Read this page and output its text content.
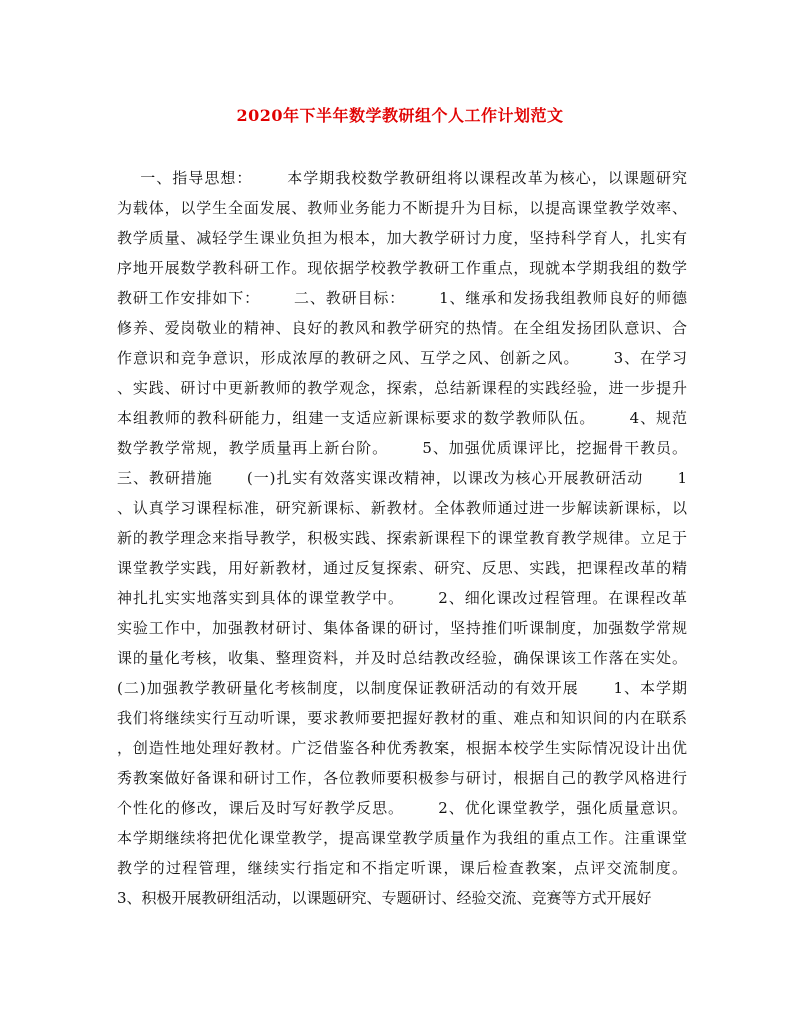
2020年下半年数学教研组个人工作计划范文
一、指导思想：      本学期我校数学教研组将以课程改革为核心，以课题研究
为载体，以学生全面发展、教师业务能力不断提升为目标，以提高课堂教学效率、
教学质量、减轻学生课业负担为根本，加大教学研讨力度，坚持科学育人，扎实有
序地开展数学教科研工作。现依据学校教学教研工作重点，现就本学期我组的数学
教研工作安排如下：      二、教研目标：      1、继承和发扬我组教师良好的师德
修养、爱岗敬业的精神、良好的教风和教学研究的热情。在全组发扬团队意识、合
作意识和竞争意识，形成浓厚的教研之风、互学之风、创新之风。      3、在学习
、实践、研讨中更新教师的教学观念，探索，总结新课程的实践经验，进一步提升
本组教师的教科研能力，组建一支适应新课标要求的数学教师队伍。      4、规范
数学教学常规，教学质量再上新台阶。      5、加强优质课评比，挖掘骨干教员。
三、教研措施      (一)扎实有效落实课改精神，以课改为核心开展教研活动      1
、认真学习课程标准，研究新课标、新教材。全体教师通过进一步解读新课标，以
新的教学理念来指导教学，积极实践、探索新课程下的课堂教育教学规律。立足于
课堂教学实践，用好新教材，通过反复探索、研究、反思、实践，把课程改革的精
神扎扎实实地落实到具体的课堂教学中。      2、细化课改过程管理。在课程改革
实验工作中，加强教材研讨、集体备课的研讨，坚持推们听课制度，加强数学常规
课的量化考核，收集、整理资料，并及时总结教改经验，确保课该工作落在实处。
(二)加强教学教研量化考核制度，以制度保证教研活动的有效开展      1、本学期
我们将继续实行互动听课，要求教师要把握好教材的重、难点和知识间的内在联系
，创造性地处理好教材。广泛借鉴各种优秀教案，根据本校学生实际情况设计出优
秀教案做好备课和研讨工作，各位教师要积极参与研讨，根据自己的教学风格进行
个性化的修改，课后及时写好教学反思。      2、优化课堂教学，强化质量意识。
本学期继续将把优化课堂教学，提高课堂教学质量作为我组的重点工作。注重课堂
教学的过程管理，继续实行指定和不指定听课，课后检查教案，点评交流制度。
3、积极开展教研组活动，以课题研究、专题研讨、经验交流、竞赛等方式开展好
